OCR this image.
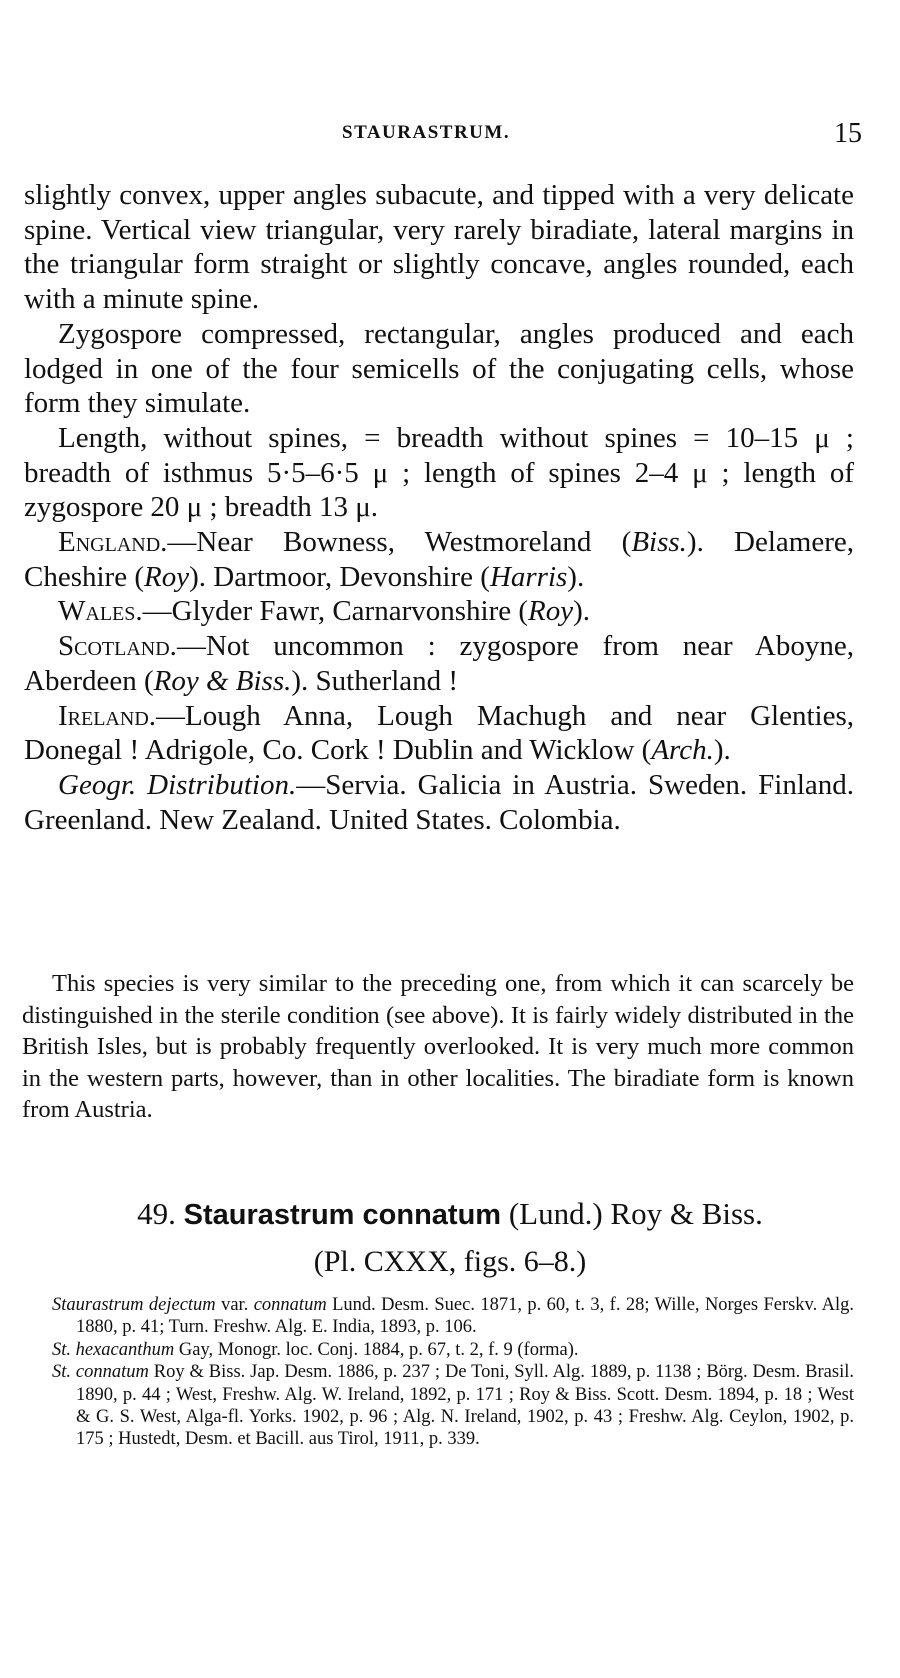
STAURASTRUM.	15

slightly convex, upper angles subacute, and tipped with a very delicate spine. Vertical view triangular, very rarely biradiate, lateral margins in the triangular form straight or slightly concave, angles rounded, each with a minute spine.

Zygospore compressed, rectangular, angles produced and each lodged in one of the four semicells of the conjugating cells, whose form they simulate.

Length, without spines, = breadth without spines = 10–15 μ ; breadth of isthmus 5·5–6·5 μ ; length of spines 2–4 μ ; length of zygospore 20 μ ; breadth 13 μ.

England.—Near Bowness, Westmoreland (Biss.). Delamere, Cheshire (Roy). Dartmoor, Devonshire (Harris).

Wales.—Glyder Fawr, Carnarvonshire (Roy).

Scotland.—Not uncommon : zygospore from near Aboyne, Aberdeen (Roy & Biss.). Sutherland !

Ireland.—Lough Anna, Lough Machugh and near Glenties, Donegal ! Adrigole, Co. Cork ! Dublin and Wicklow (Arch.).

Geogr. Distribution.—Servia. Galicia in Austria. Sweden. Finland. Greenland. New Zealand. United States. Colombia.

This species is very similar to the preceding one, from which it can scarcely be distinguished in the sterile condition (see above). It is fairly widely distributed in the British Isles, but is probably frequently overlooked. It is very much more common in the western parts, however, than in other localities. The biradiate form is known from Austria.

49. Staurastrum connatum (Lund.) Roy & Biss.
(Pl. CXXX, figs. 6–8.)

Staurastrum dejectum var. connatum Lund. Desm. Suec. 1871, p. 60, t. 3, f. 28; Wille, Norges Ferskv. Alg. 1880, p. 41; Turn. Freshw. Alg. E. India, 1893, p. 106.

St. hexacanthum Gay, Monogr. loc. Conj. 1884, p. 67, t. 2, f. 9 (forma).

St. connatum Roy & Biss. Jap. Desm. 1886, p. 237 ; De Toni, Syll. Alg. 1889, p. 1138 ; Börg. Desm. Brasil. 1890, p. 44 ; West, Freshw. Alg. W. Ireland, 1892, p. 171 ; Roy & Biss. Scott. Desm. 1894, p. 18 ; West & G. S. West, Alga-fl. Yorks. 1902, p. 96 ; Alg. N. Ireland, 1902, p. 43 ; Freshw. Alg. Ceylon, 1902, p. 175 ; Hustedt, Desm. et Bacill. aus Tirol, 1911, p. 339.
